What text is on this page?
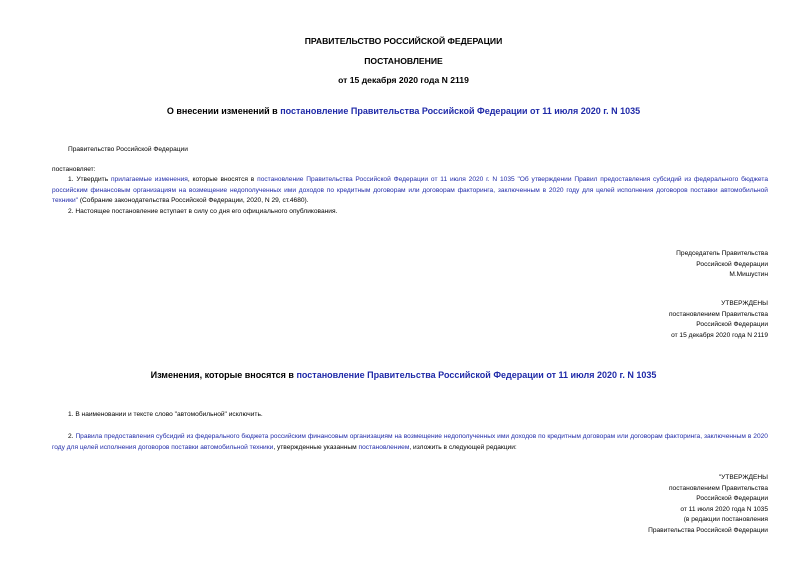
ПРАВИТЕЛЬСТВО РОССИЙСКОЙ ФЕДЕРАЦИИ
ПОСТАНОВЛЕНИЕ
от 15 декабря 2020 года N 2119
О внесении изменений в постановление Правительства Российской Федерации от 11 июля 2020 г. N 1035
Правительство Российской Федерации
постановляет:
1. Утвердить прилагаемые изменения, которые вносятся в постановление Правительства Российской Федерации от 11 июля 2020 г. N 1035 "Об утверждении Правил предоставления субсидий из федерального бюджета российским финансовым организациям на возмещение недополученных ими доходов по кредитным договорам или договорам факторинга, заключенным в 2020 году для целей исполнения договоров поставки автомобильной техники" (Собрание законодательства Российской Федерации, 2020, N 29, ст.4680).
2. Настоящее постановление вступает в силу со дня его официального опубликования.
Председатель Правительства
Российской Федерации
М.Мишустин
УТВЕРЖДЕНЫ
постановлением Правительства
Российской Федерации
от 15 декабря 2020 года N 2119
Изменения, которые вносятся в постановление Правительства Российской Федерации от 11 июля 2020 г. N 1035
1. В наименовании и тексте слово "автомобильной" исключить.
2. Правила предоставления субсидий из федерального бюджета российским финансовым организациям на возмещение недополученных ими доходов по кредитным договорам или договорам факторинга, заключенным в 2020 году для целей исполнения договоров поставки автомобильной техники, утвержденные указанным постановлением, изложить в следующей редакции:
"УТВЕРЖДЕНЫ
постановлением Правительства
Российской Федерации
от 11 июля 2020 года N 1035
(в редакции постановления
Правительства Российской Федерации
